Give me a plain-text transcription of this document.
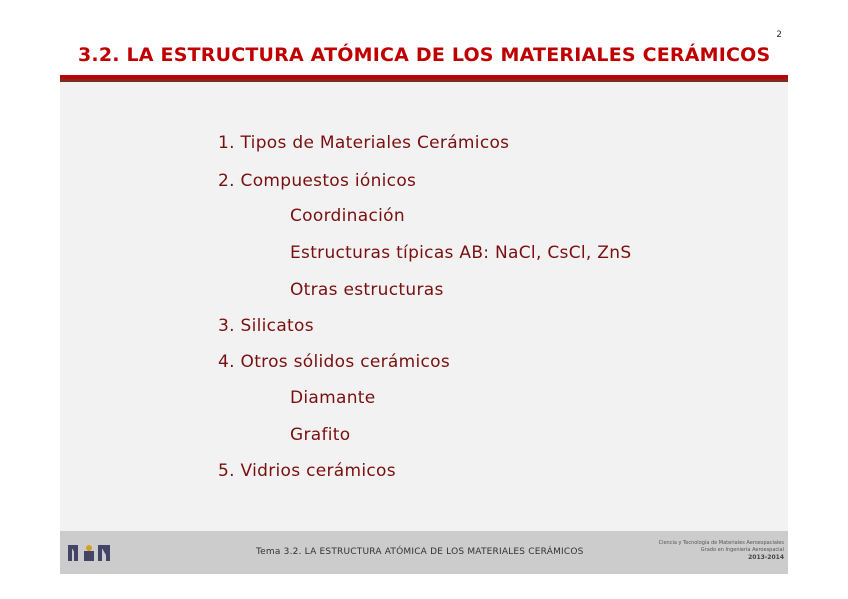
3.2. LA ESTRUCTURA ATÓMICA DE LOS MATERIALES CERÁMICOS
2
1. Tipos de Materiales Cerámicos
2. Compuestos iónicos
Coordinación
Estructuras típicas AB: NaCl, CsCl, ZnS
Otras estructuras
3. Silicatos
4. Otros sólidos cerámicos
Diamante
Grafito
5. Vidrios cerámicos
Tema 3.2. LA ESTRUCTURA ATÓMICA DE LOS MATERIALES CERÁMICOS
Ciencia y Tecnología de Materiales Aeroespaciales
Grado en Ingeniería Aeroespacial
2013-2014
